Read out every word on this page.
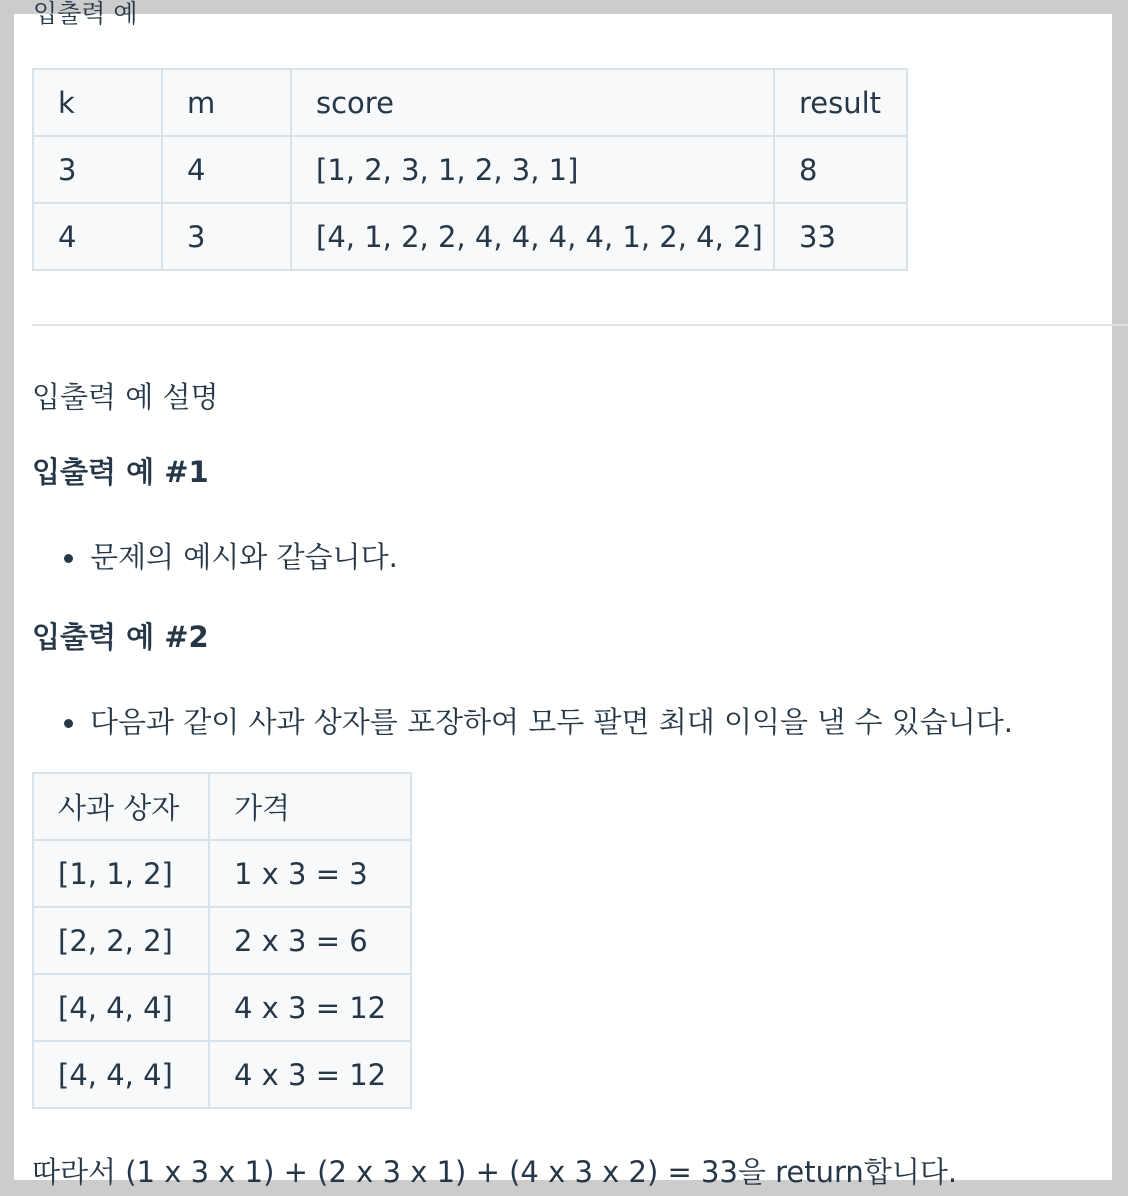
입출력 예
k	m	score	result
3	4	[1, 2, 3, 1, 2, 3, 1]	8
4	3	[4, 1, 2, 2, 4, 4, 4, 4, 1, 2, 4, 2]	33
입출력 예 설명
입출력 예 #1
문제의 예시와 같습니다.
입출력 예 #2
다음과 같이 사과 상자를 포장하여 모두 팔면 최대 이익을 낼 수 있습니다.
사과 상자	가격
[1, 1, 2]	1 x 3 = 3
[2, 2, 2]	2 x 3 = 6
[4, 4, 4]	4 x 3 = 12
[4, 4, 4]	4 x 3 = 12
따라서 (1 x 3 x 1) + (2 x 3 x 1) + (4 x 3 x 2) = 33을 return합니다.
